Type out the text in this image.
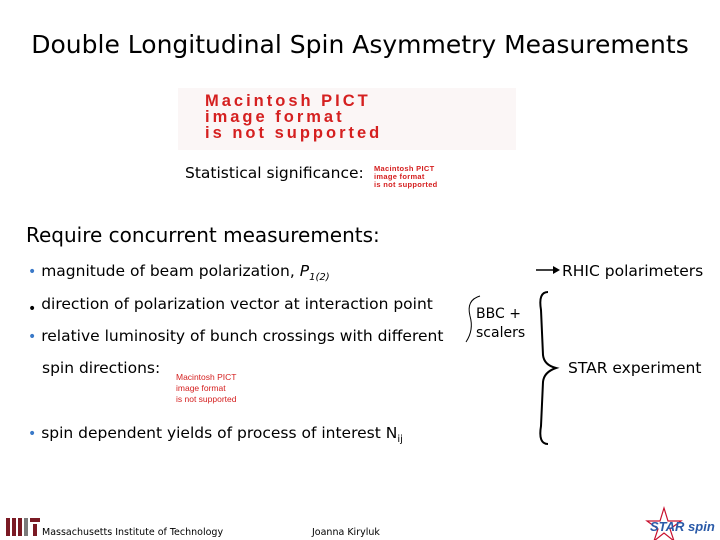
Double Longitudinal Spin Asymmetry Measurements
Macintosh PICT
image format
is not supported
Statistical significance: Macintosh PICT
image format
is not supported
Require concurrent measurements:
• magnitude of beam polarization, $P_{1(2)}$
• direction of polarization vector at interaction point
• relative luminosity of bunch crossings with different
spin directions: Macintosh PICT
image format
is not supported
• spin dependent yields of process of interest $N_{ij}$
RHIC polarimeters
BBC +
scalers
STAR experiment
Massachusetts Institute of Technology	Joanna Kiryluk	STAR spin
